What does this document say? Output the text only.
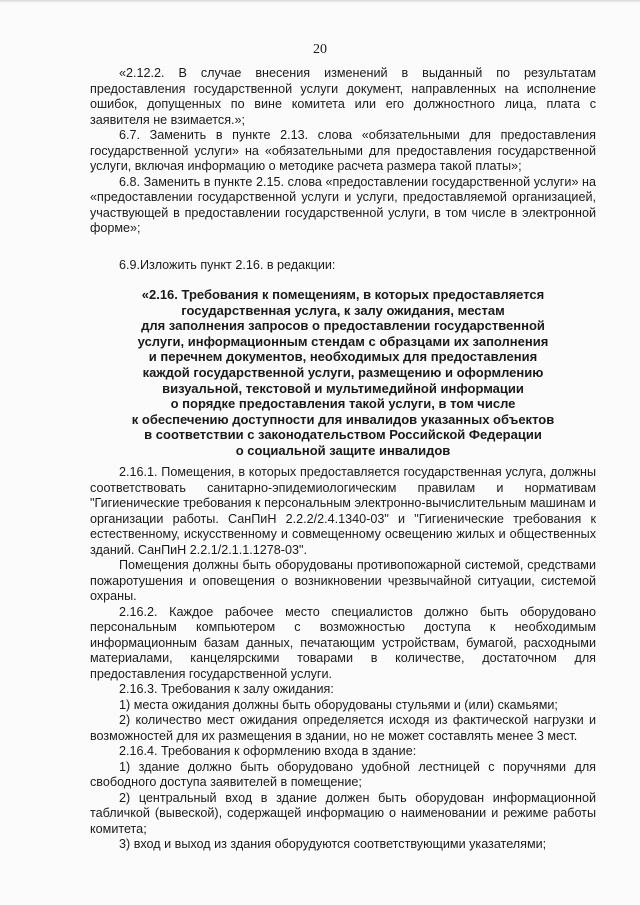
20

«2.12.2. В случае внесения изменений в выданный по результатам предоставления государственной услуги документ, направленных на исполнение ошибок, допущенных по вине комитета или его должностного лица, плата с заявителя не взимается.»;

6.7. Заменить в пункте 2.13. слова «обязательными для предоставления государственной услуги» на «обязательными для предоставления государственной услуги, включая информацию о методике расчета размера такой платы»;

6.8. Заменить в пункте 2.15. слова «предоставлении государственной услуги» на «предоставлении государственной услуги и услуги, предоставляемой организацией, участвующей в предоставлении государственной услуги, в том числе в электронной форме»;

6.9.Изложить пункт 2.16. в редакции:

«2.16. Требования к помещениям, в которых предоставляется
государственная услуга, к залу ожидания, местам
для заполнения запросов о предоставлении государственной
услуги, информационным стендам с образцами их заполнения
и перечнем документов, необходимых для предоставления
каждой государственной услуги, размещению и оформлению
визуальной, текстовой и мультимедийной информации
о порядке предоставления такой услуги, в том числе
к обеспечению доступности для инвалидов указанных объектов
в соответствии с законодательством Российской Федерации
о социальной защите инвалидов

2.16.1. Помещения, в которых предоставляется государственная услуга, должны соответствовать санитарно-эпидемиологическим правилам и нормативам "Гигиенические требования к персональным электронно-вычислительным машинам и организации работы. СанПиН 2.2.2/2.4.1340-03" и "Гигиенические требования к естественному, искусственному и совмещенному освещению жилых и общественных зданий. СанПиН 2.2.1/2.1.1.1278-03".

Помещения должны быть оборудованы противопожарной системой, средствами пожаротушения и оповещения о возникновении чрезвычайной ситуации, системой охраны.

2.16.2. Каждое рабочее место специалистов должно быть оборудовано персональным компьютером с возможностью доступа к необходимым информационным базам данных, печатающим устройствам, бумагой, расходными материалами, канцелярскими товарами в количестве, достаточном для предоставления государственной услуги.

2.16.3. Требования к залу ожидания:

1) места ожидания должны быть оборудованы стульями и (или) скамьями;

2) количество мест ожидания определяется исходя из фактической нагрузки и возможностей для их размещения в здании, но не может составлять менее 3 мест.

2.16.4. Требования к оформлению входа в здание:

1) здание должно быть оборудовано удобной лестницей с поручнями для свободного доступа заявителей в помещение;

2) центральный вход в здание должен быть оборудован информационной табличкой (вывеской), содержащей информацию о наименовании и режиме работы комитета;

3) вход и выход из здания оборудуются соответствующими указателями;
